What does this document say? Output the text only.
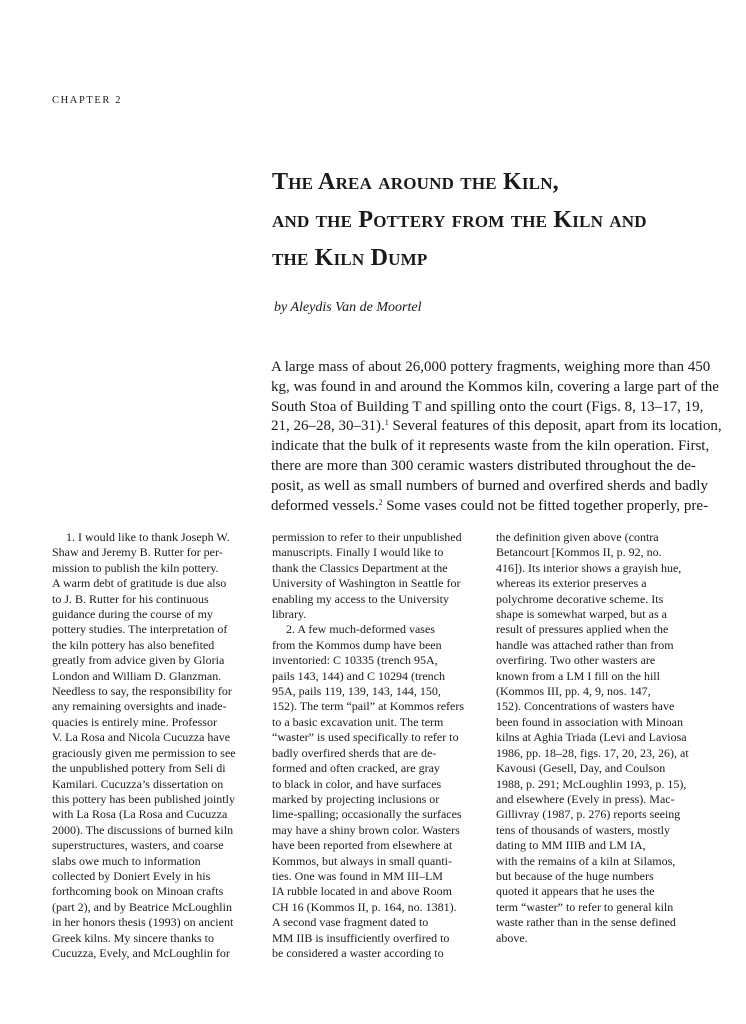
CHAPTER 2
The Area around the Kiln,
and the Pottery from the Kiln and
the Kiln Dump
by Aleydis Van de Moortel
A large mass of about 26,000 pottery fragments, weighing more than 450
kg, was found in and around the Kommos kiln, covering a large part of the
South Stoa of Building T and spilling onto the court (Figs. 8, 13–17, 19,
21, 26–28, 30–31).$^1$ Several features of this deposit, apart from its location,
indicate that the bulk of it represents waste from the kiln operation. First,
there are more than 300 ceramic wasters distributed throughout the de-
posit, as well as small numbers of burned and overfired sherds and badly
deformed vessels.$^2$ Some vases could not be fitted together properly, pre-
1. I would like to thank Joseph W.
Shaw and Jeremy B. Rutter for per-
mission to publish the kiln pottery.
A warm debt of gratitude is due also
to J. B. Rutter for his continuous
guidance during the course of my
pottery studies. The interpretation of
the kiln pottery has also benefited
greatly from advice given by Gloria
London and William D. Glanzman.
Needless to say, the responsibility for
any remaining oversights and inade-
quacies is entirely mine. Professor
V. La Rosa and Nicola Cucuzza have
graciously given me permission to see
the unpublished pottery from Seli di
Kamilari. Cucuzza’s dissertation on
this pottery has been published jointly
with La Rosa (La Rosa and Cucuzza
2000). The discussions of burned kiln
superstructures, wasters, and coarse
slabs owe much to information
collected by Doniert Evely in his
forthcoming book on Minoan crafts
(part 2), and by Beatrice McLoughlin
in her honors thesis (1993) on ancient
Greek kilns. My sincere thanks to
Cucuzza, Evely, and McLoughlin for
permission to refer to their unpublished
manuscripts. Finally I would like to
thank the Classics Department at the
University of Washington in Seattle for
enabling my access to the University
library.
2. A few much-deformed vases
from the Kommos dump have been
inventoried: C 10335 (trench 95A,
pails 143, 144) and C 10294 (trench
95A, pails 119, 139, 143, 144, 150,
152). The term “pail” at Kommos refers
to a basic excavation unit. The term
“waster” is used specifically to refer to
badly overfired sherds that are de-
formed and often cracked, are gray
to black in color, and have surfaces
marked by projecting inclusions or
lime-spalling; occasionally the surfaces
may have a shiny brown color. Wasters
have been reported from elsewhere at
Kommos, but always in small quanti-
ties. One was found in MM III–LM
IA rubble located in and above Room
CH 16 (Kommos II, p. 164, no. 1381).
A second vase fragment dated to
MM IIB is insufficiently overfired to
be considered a waster according to
the definition given above (contra
Betancourt [Kommos II, p. 92, no.
416]). Its interior shows a grayish hue,
whereas its exterior preserves a
polychrome decorative scheme. Its
shape is somewhat warped, but as a
result of pressures applied when the
handle was attached rather than from
overfiring. Two other wasters are
known from a LM I fill on the hill
(Kommos III, pp. 4, 9, nos. 147,
152). Concentrations of wasters have
been found in association with Minoan
kilns at Aghia Triada (Levi and Laviosa
1986, pp. 18–28, figs. 17, 20, 23, 26), at
Kavousi (Gesell, Day, and Coulson
1988, p. 291; McLoughlin 1993, p. 15),
and elsewhere (Evely in press). Mac-
Gillivray (1987, p. 276) reports seeing
tens of thousands of wasters, mostly
dating to MM IIIB and LM IA,
with the remains of a kiln at Silamos,
but because of the huge numbers
quoted it appears that he uses the
term “waster” to refer to general kiln
waste rather than in the sense defined
above.
